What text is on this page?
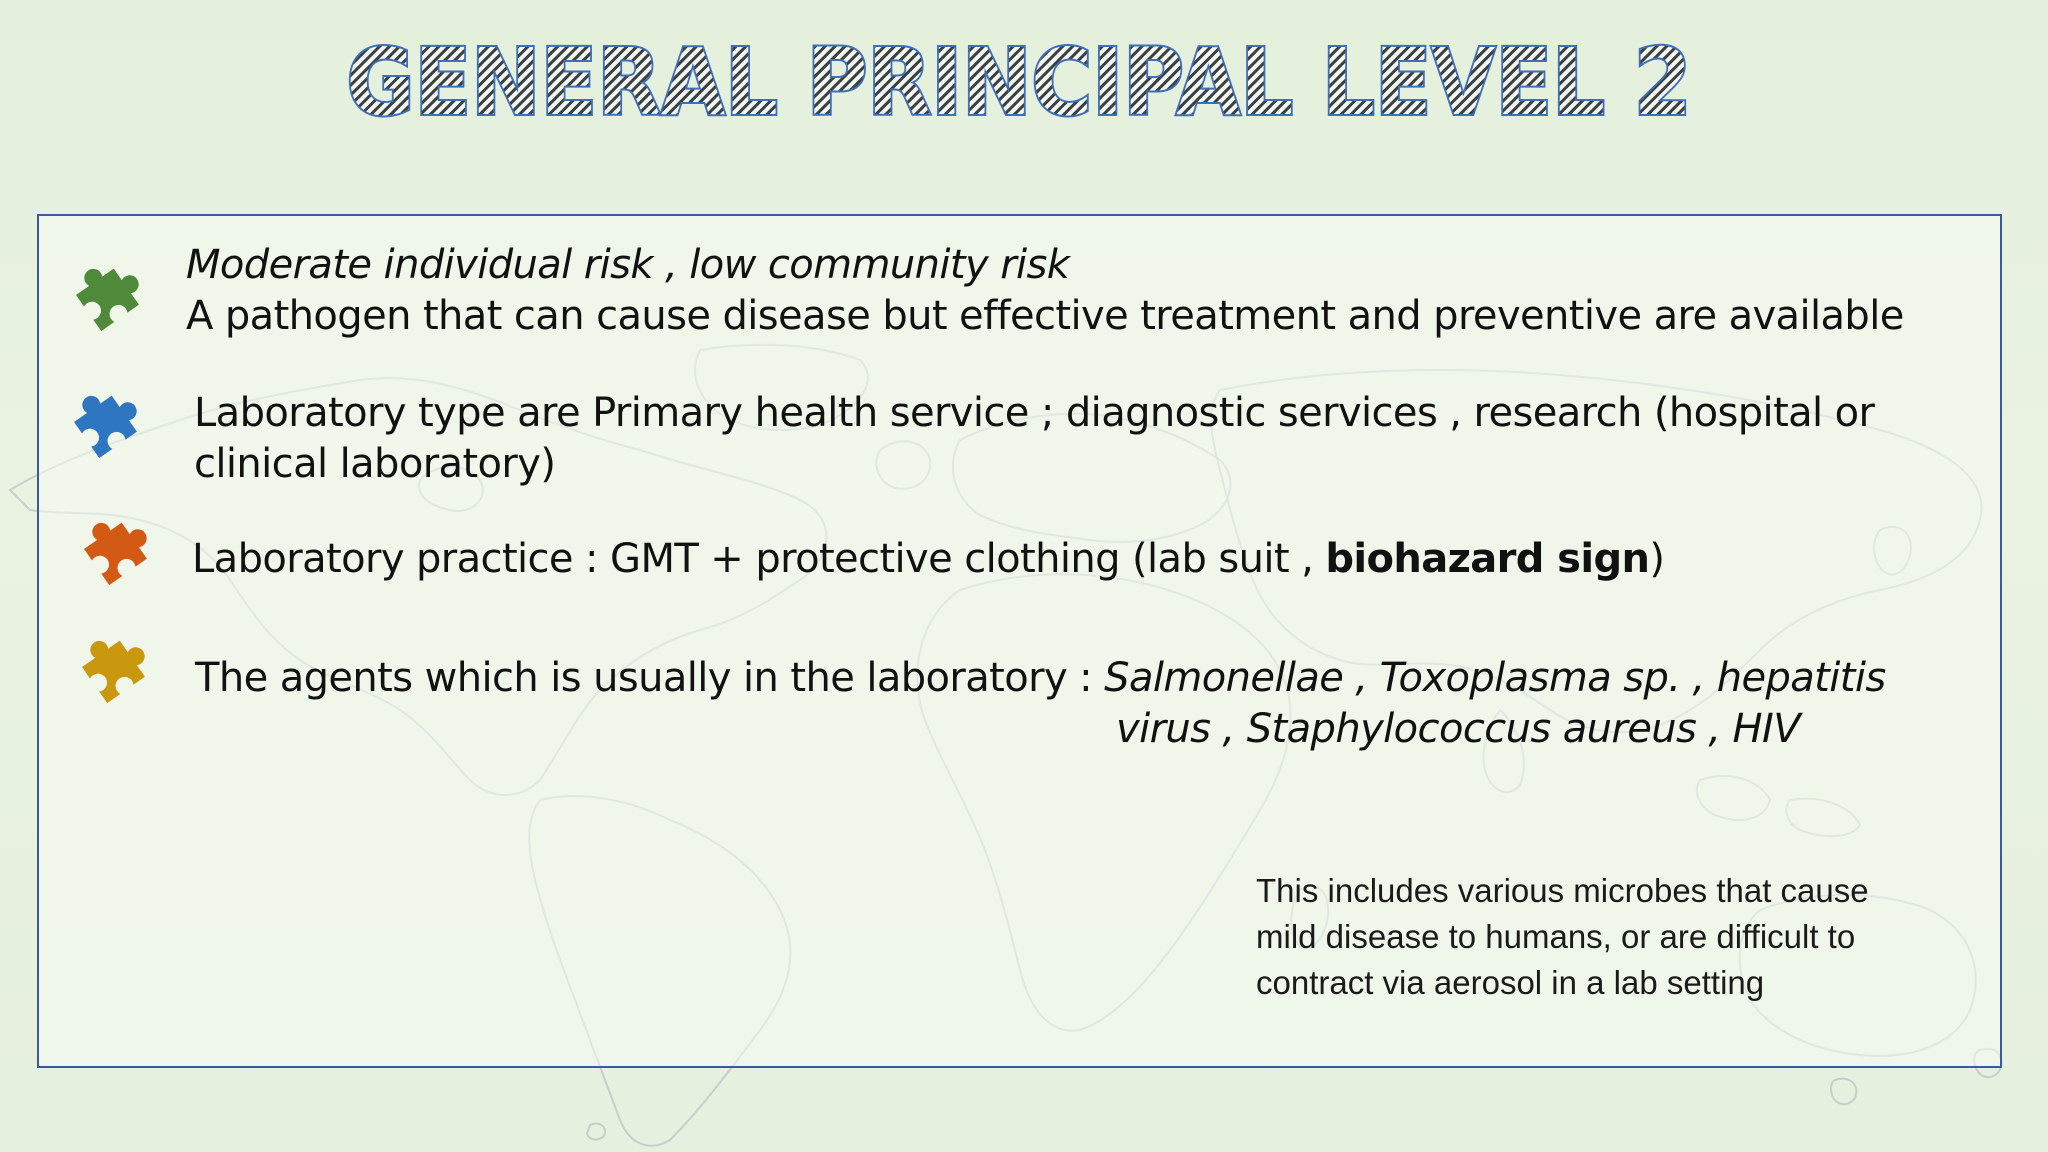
GENERAL PRINCIPAL LEVEL 2
Moderate individual risk , low community risk
A pathogen that can cause disease but effective treatment and preventive are available
Laboratory type are Primary health service ; diagnostic services , research (hospital or
clinical laboratory)
Laboratory practice : GMT + protective clothing (lab suit , biohazard sign)
The agents which is usually in the laboratory : Salmonellae , Toxoplasma sp. , hepatitis
virus , Staphylococcus aureus , HIV
This includes various microbes that cause
mild disease to humans, or are difficult to
contract via aerosol in a lab setting
